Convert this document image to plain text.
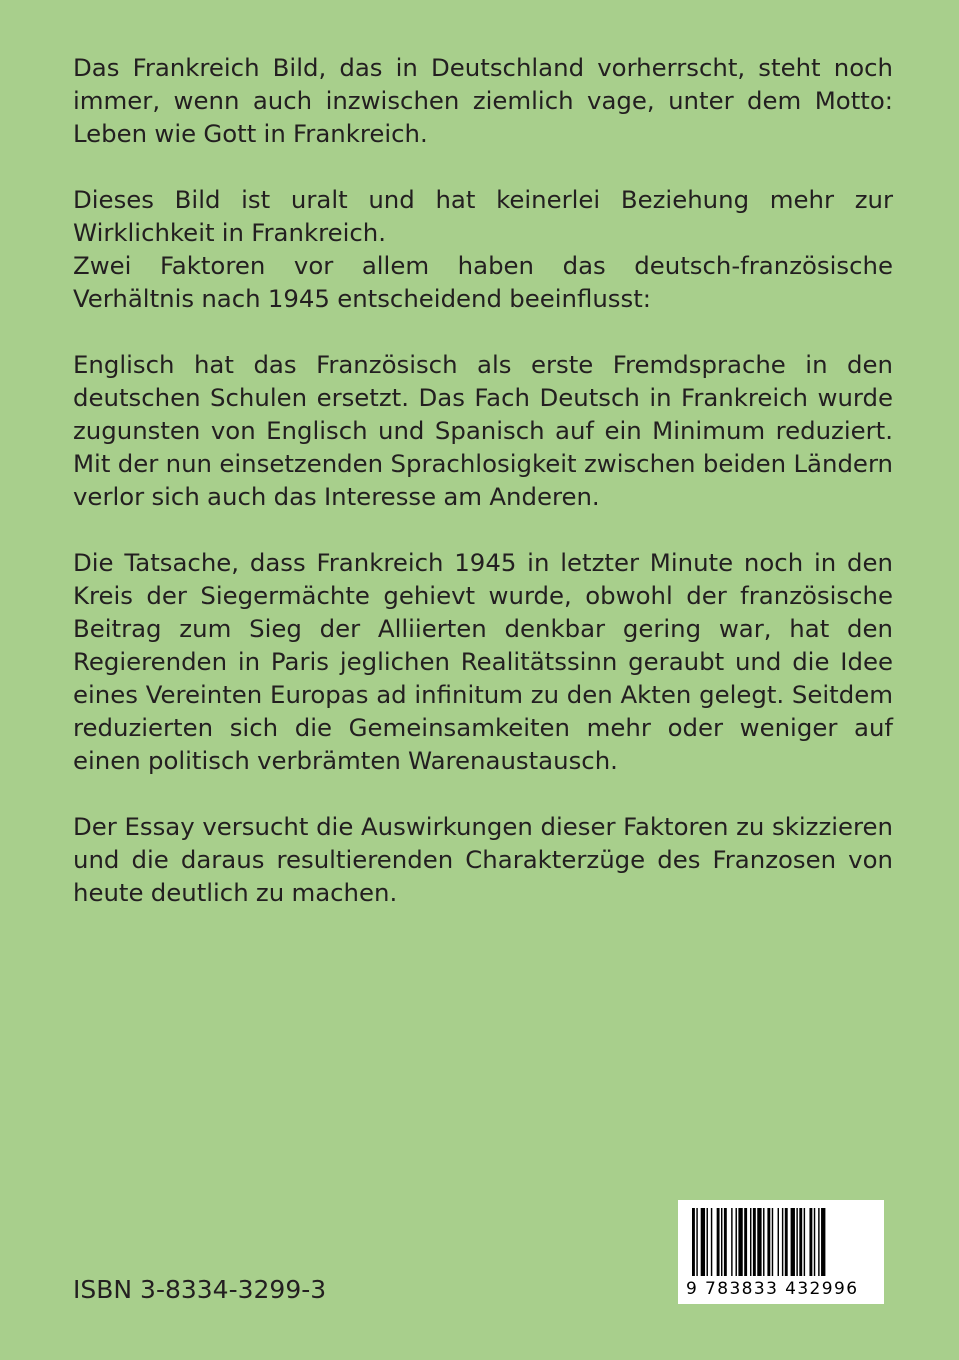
Das Frankreich Bild, das in Deutschland vorherrscht, steht noch immer, wenn auch inzwischen ziemlich vage, unter dem Motto: Leben wie Gott in Frankreich.

Dieses Bild ist uralt und hat keinerlei Beziehung mehr zur Wirklichkeit in Frankreich.

Zwei Faktoren vor allem haben das deutsch-französische Verhältnis nach 1945 entscheidend beeinflusst:

Englisch hat das Französisch als erste Fremdsprache in den deutschen Schulen ersetzt. Das Fach Deutsch in Frankreich wurde zugunsten von Englisch und Spanisch auf ein Minimum reduziert. Mit der nun einsetzenden Sprachlosigkeit zwischen beiden Ländern verlor sich auch das Interesse am Anderen.

Die Tatsache, dass Frankreich 1945 in letzter Minute noch in den Kreis der Siegermächte gehievt wurde, obwohl der französische Beitrag zum Sieg der Alliierten denkbar gering war, hat den Regierenden in Paris jeglichen Realitätssinn geraubt und die Idee eines Vereinten Europas ad infinitum zu den Akten gelegt. Seitdem reduzierten sich die Gemeinsamkeiten mehr oder weniger auf einen politisch verbrämten Warenaustausch.

Der Essay versucht die Auswirkungen dieser Faktoren zu skizzieren und die daraus resultierenden Charakterzüge des Franzosen von heute deutlich zu machen.

ISBN 3-8334-3299-3	9 783833 432996
